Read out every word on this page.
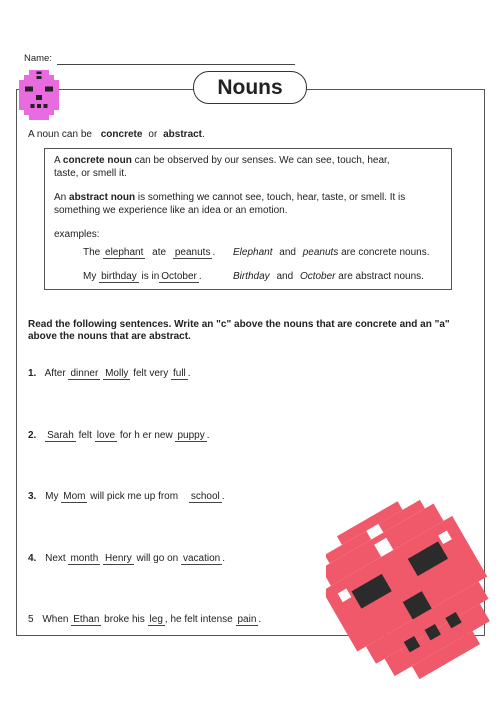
Name:
Nouns
A noun can be concrete or abstract.

A concrete noun can be observed by our senses. We can see, touch, hear,
taste, or smell it.

An abstract noun is something we cannot see, touch, hear, taste, or smell. It is
something we experience like an idea or an emotion.

examples:

The elephant ate peanuts . Elephant and peanuts are concrete nouns.
My birthday is in October .	Birthday and October are abstract nouns.
Read the following sentences. Write an "c" above the nouns that are concrete and an "a" above the nouns that are abstract.
1. After dinner Molly felt very full .
2. Sarah felt love for h er new puppy .
3. My Mom will pick me up from school .
4. Next month Henry will go on vacation .
5 When Ethan broke his leg , he felt intense pain .
